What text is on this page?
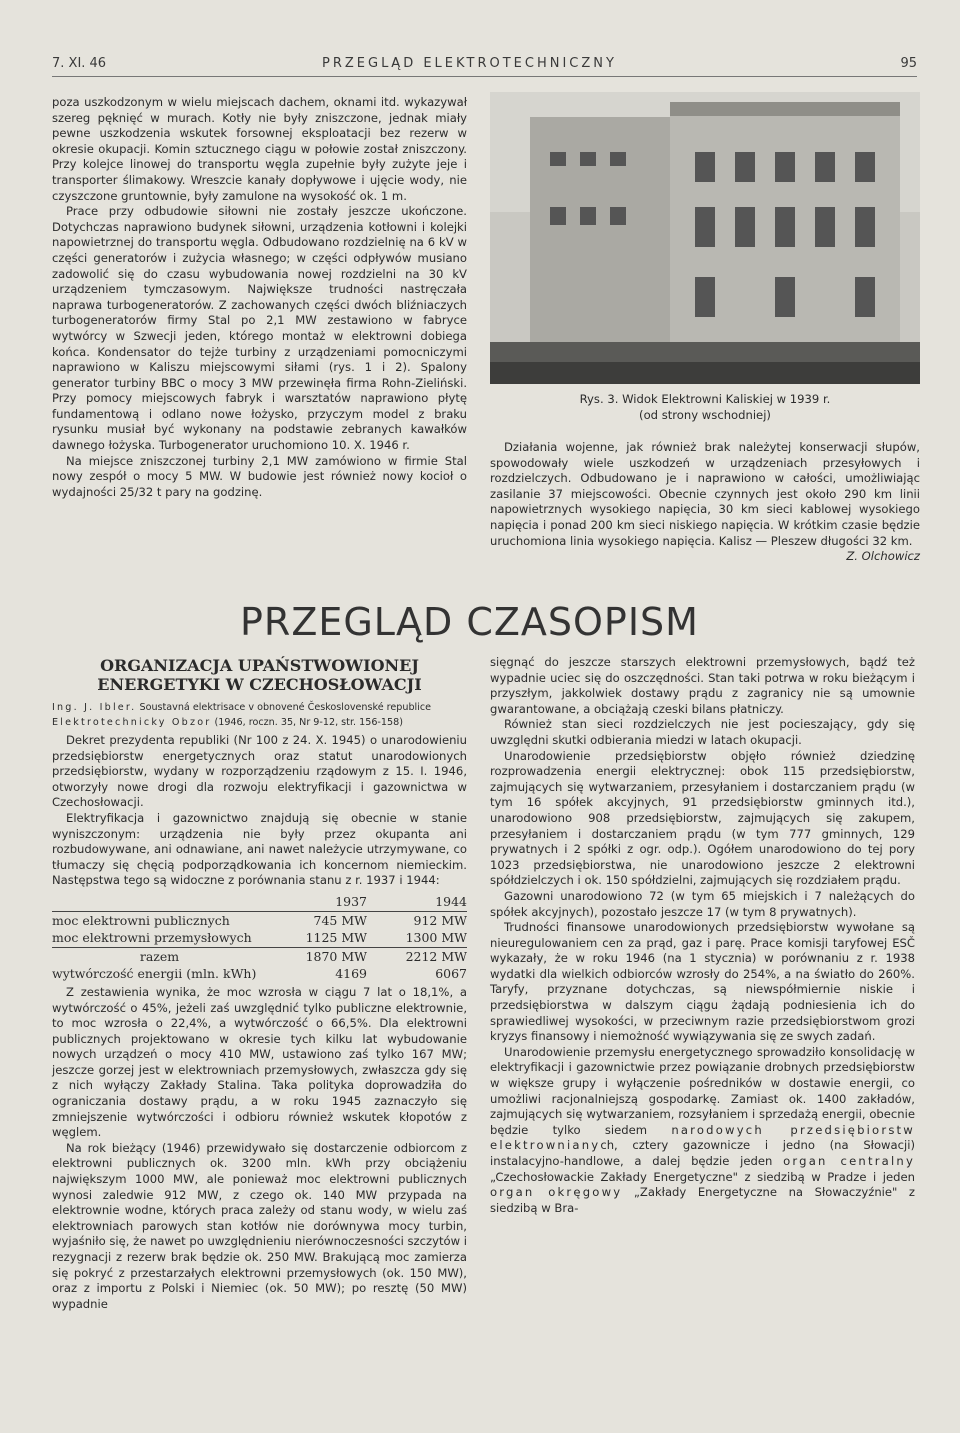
7. XI. 46	PRZEGLĄD ELEKTROTECHNICZNY	95

poza uszkodzonym w wielu miejscach dachem, oknami itd. wykazywał szereg pęknięć w murach. Kotły nie były zniszczone, jednak miały pewne uszkodzenia wskutek forsownej eksploatacji bez rezerw w okresie okupacji. Komin sztucznego ciągu w połowie został zniszczony. Przy kolejce linowej do transportu węgla zupełnie były zużyte jeje i transporter ślimakowy. Wreszcie kanały dopływowe i ujęcie wody, nie czyszczone gruntownie, były zamulone na wysokość ok. 1 m.

Prace przy odbudowie siłowni nie zostały jeszcze ukończone. Dotychczas naprawiono budynek siłowni, urządzenia kotłowni i kolejki napowietrznej do transportu węgla. Odbudowano rozdzielnię na 6 kV w części generatorów i zużycia własnego; w części odpływów musiano zadowolić się do czasu wybudowania nowej rozdzielni na 30 kV urządzeniem tymczasowym. Największe trudności nastręczała naprawa turbogeneratorów. Z zachowanych części dwóch bliźniaczych turbogeneratorów firmy Stal po 2,1 MW zestawiono w fabryce wytwórcy w Szwecji jeden, którego montaż w elektrowni dobiega końca. Kondensator do tejże turbiny z urządzeniami pomocniczymi naprawiono w Kaliszu miejscowymi siłami (rys. 1 i 2). Spalony generator turbiny BBC o mocy 3 MW przewinęła firma Rohn-Zieliński. Przy pomocy miejscowych fabryk i warsztatów naprawiono płytę fundamentową i odlano nowe łożysko, przyczym model z braku rysunku musiał być wykonany na podstawie zebranych kawałków dawnego łożyska. Turbogenerator uruchomiono 10. X. 1946 r.

Na miejsce zniszczonej turbiny 2,1 MW zamówiono w firmie Stal nowy zespół o mocy 5 MW. W budowie jest również nowy kocioł o wydajności 25/32 t pary na godzinę.

Rys. 3. Widok Elektrowni Kaliskiej w 1939 r.
(od strony wschodniej)

Działania wojenne, jak również brak należytej konserwacji słupów, spowodowały wiele uszkodzeń w urządzeniach przesyłowych i rozdzielczych. Odbudowano je i naprawiono w całości, umożliwiając zasilanie 37 miejscowości. Obecnie czynnych jest około 290 km linii napowietrznych wysokiego napięcia, 30 km sieci kablowej wysokiego napięcia i ponad 200 km sieci niskiego napięcia. W krótkim czasie będzie uruchomiona linia wysokiego napięcia. Kalisz — Pleszew długości 32 km.
Z. Olchowicz

PRZEGLĄD CZASOPISM
ORGANIZACJA UPAŃSTWOWIONEJ
ENERGETYKI W CZECHOSŁOWACJI
Ing. J. Ibler. Soustavná elektrisace v obnovené Československé republice
Elektrotechnicky Obzor (1946, roczn. 35, Nr 9-12, str. 156-158)

Dekret prezydenta republiki (Nr 100 z 24. X. 1945) o unarodowieniu przedsiębiorstw energetycznych oraz statut unarodowionych przedsiębiorstw, wydany w rozporządzeniu rządowym z 15. I. 1946, otworzyły nowe drogi dla rozwoju elektryfikacji i gazownictwa w Czechosłowacji.

Elektryfikacja i gazownictwo znajdują się obecnie w stanie wyniszczonym: urządzenia nie były przez okupanta ani rozbudowywane, ani odnawiane, ani nawet należycie utrzymywane, co tłumaczy się chęcią podporządkowania ich koncernom niemieckim. Następstwa tego są widoczne z porównania stanu z r. 1937 i 1944:

	1937	1944
moc elektrowni publicznych	745 MW	912 MW
moc elektrowni przemysłowych	1125 MW	1300 MW
razem	1870 MW	2212 MW
wytwórczość energii (mln. kWh)	4169	6067

Z zestawienia wynika, że moc wzrosła w ciągu 7 lat o 18,1%, a wytwórczość o 45%, jeżeli zaś uwzględnić tylko publiczne elektrownie, to moc wzrosła o 22,4%, a wytwórczość o 66,5%. Dla elektrowni publicznych projektowano w okresie tych kilku lat wybudowanie nowych urządzeń o mocy 410 MW, ustawiono zaś tylko 167 MW; jeszcze gorzej jest w elektrowniach przemysłowych, zwłaszcza gdy się z nich wyłączy Zakłady Stalina. Taka polityka doprowadziła do ograniczania dostawy prądu, a w roku 1945 zaznaczyło się zmniejszenie wytwórczości i odbioru również wskutek kłopotów z węglem.

Na rok bieżący (1946) przewidywało się dostarczenie odbiorcom z elektrowni publicznych ok. 3200 mln. kWh przy obciążeniu największym 1000 MW, ale ponieważ moc elektrowni publicznych wynosi zaledwie 912 MW, z czego ok. 140 MW przypada na elektrownie wodne, których praca zależy od stanu wody, w wielu zaś elektrowniach parowych stan kotłów nie dorównywa mocy turbin, wyjaśniło się, że nawet po uwzględnieniu nierównoczesności szczytów i rezygnacji z rezerw brak będzie ok. 250 MW. Brakującą moc zamierza się pokryć z przestarzałych elektrowni przemysłowych (ok. 150 MW), oraz z importu z Polski i Niemiec (ok. 50 MW); po resztę (50 MW) wypadnie

sięgnąć do jeszcze starszych elektrowni przemysłowych, bądź też wypadnie uciec się do oszczędności. Stan taki potrwa w roku bieżącym i przyszłym, jakkolwiek dostawy prądu z zagranicy nie są umownie gwarantowane, a obciążają czeski bilans płatniczy.

Również stan sieci rozdzielczych nie jest pocieszający, gdy się uwzględni skutki odbierania miedzi w latach okupacji.

Unarodowienie przedsiębiorstw objęło również dziedzinę rozprowadzenia energii elektrycznej: obok 115 przedsiębiorstw, zajmujących się wytwarzaniem, przesyłaniem i dostarczaniem prądu (w tym 16 spółek akcyjnych, 91 przedsiębiorstw gminnych itd.), unarodowiono 908 przedsiębiorstw, zajmujących się zakupem, przesyłaniem i dostarczaniem prądu (w tym 777 gminnych, 129 prywatnych i 2 spółki z ogr. odp.). Ogółem unarodowiono do tej pory 1023 przedsiębiorstwa, nie unarodowiono jeszcze 2 elektrowni spółdzielczych i ok. 150 spółdzielni, zajmujących się rozdziałem prądu.

Gazowni unarodowiono 72 (w tym 65 miejskich i 7 należących do spółek akcyjnych), pozostało jeszcze 17 (w tym 8 prywatnych).

Trudności finansowe unarodowionych przedsiębiorstw wywołane są nieuregulowaniem cen za prąd, gaz i parę. Prace komisji taryfowej ESČ wykazały, że w roku 1946 (na 1 stycznia) w porównaniu z r. 1938 wydatki dla wielkich odbiorców wzrosły do 254%, a na światło do 260%. Taryfy, przyznane dotychczas, są niewspółmiernie niskie i przedsiębiorstwa w dalszym ciągu żądają podniesienia ich do sprawiedliwej wysokości, w przeciwnym razie przedsiębiorstwom grozi kryzys finansowy i niemożność wywiązywania się ze swych zadań.

Unarodowienie przemysłu energetycznego sprowadziło konsolidację w elektryfikacji i gazownictwie przez powiązanie drobnych przedsiębiorstw w większe grupy i wyłączenie pośredników w dostawie energii, co umożliwi racjonalniejszą gospodarkę. Zamiast ok. 1400 zakładów, zajmujących się wytwarzaniem, rozsyłaniem i sprzedażą energii, obecnie będzie tylko siedem narodowych przedsiębiorstw elektrownianych, cztery gazownicze i jedno (na Słowacji) instalacyjno-handlowe, a dalej będzie jeden organ centralny „Czechosłowackie Zakłady Energetyczne" z siedzibą w Pradze i jeden organ okręgowy „Zakłady Energetyczne na Słowaczyźnie" z siedzibą w Bra-
